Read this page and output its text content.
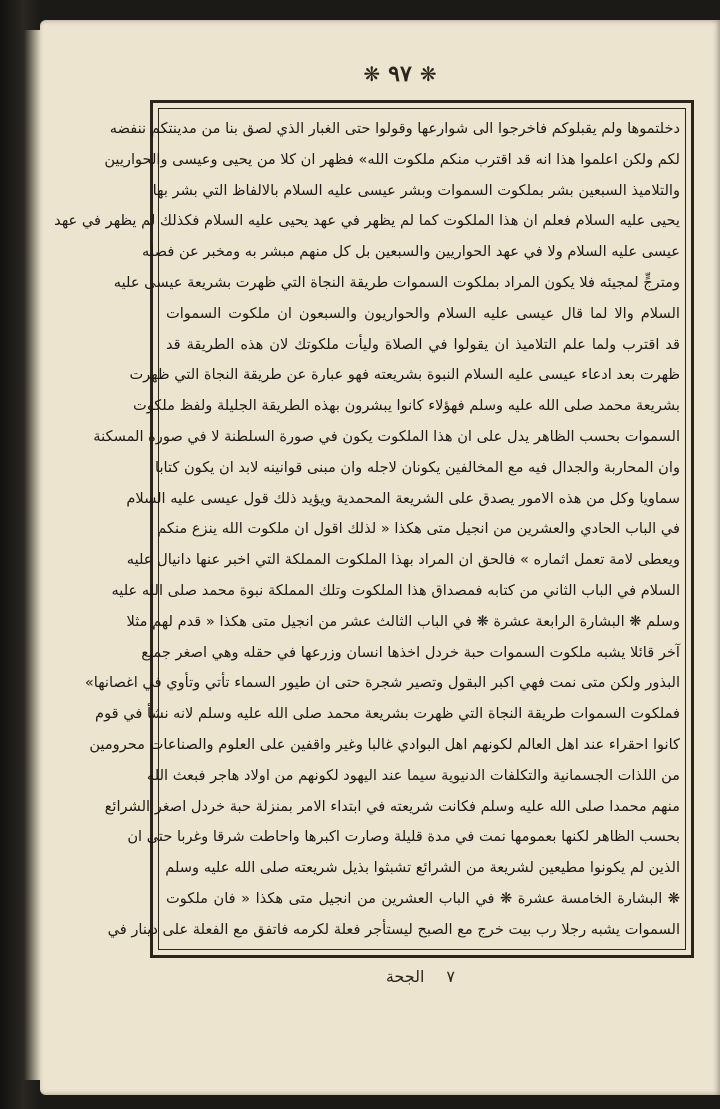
❋ ٩٧ ❋
دخلتموها ولم يقبلوكم فاخرجوا الى شوارعها وقولوا حتى الغبار الذي لصق بنا من مدينتكم ننفضه
لكم ولكن اعلموا هذا انه قد اقترب منكم ملكوت الله» فظهر ان كلا من يحيى وعيسى والحواريين
والتلاميذ السبعين بشر بملكوت السموات وبشر عيسى عليه السلام بالالفاظ التي بشر بها
يحيى عليه السلام فعلم ان هذا الملكوت كما لم يظهر في عهد يحيى عليه السلام فكذلك لم يظهر في عهد
عيسى عليه السلام ولا في عهد الحواريين والسبعين بل كل منهم مبشر به ومخبر عن فضله
ومترجٍّ لمجيئه فلا يكون المراد بملكوت السموات طريقة النجاة التي ظهرت بشريعة عيسى عليه
السلام والا لما قال عيسى عليه السلام والحواريون والسبعون ان ملكوت السموات
قد اقترب ولما علم التلاميذ ان يقولوا في الصلاة وليأت ملكوتك لان هذه الطريقة قد
ظهرت بعد ادعاء عيسى عليه السلام النبوة بشريعته فهو عبارة عن طريقة النجاة التي ظهرت
بشريعة محمد صلى الله عليه وسلم فهؤلاء كانوا يبشرون بهذه الطريقة الجليلة ولفظ ملكوت
السموات بحسب الظاهر يدل على ان هذا الملكوت يكون في صورة السلطنة لا في صورة المسكنة
وان المحاربة والجدال فيه مع المخالفين يكونان لاجله وان مبنى قوانينه لابد ان يكون كتابا
سماويا وكل من هذه الامور يصدق على الشريعة المحمدية ويؤيد ذلك قول عيسى عليه السلام
في الباب الحادي والعشرين من انجيل متى هكذا « لذلك اقول ان ملكوت الله ينزع منكم
ويعطى لامة تعمل اثماره » فالحق ان المراد بهذا الملكوت المملكة التي اخبر عنها دانيال عليه
السلام في الباب الثاني من كتابه فمصداق هذا الملكوت وتلك المملكة نبوة محمد صلى الله عليه
وسلم ❋ البشارة الرابعة عشرة ❋ في الباب الثالث عشر من انجيل متى هكذا « قدم لهم مثلا
آخر قائلا يشبه ملكوت السموات حبة خردل اخذها انسان وزرعها في حقله وهي اصغر جميع
البذور ولكن متى نمت فهي اكبر البقول وتصير شجرة حتى ان طيور السماء تأتي وتأوي في اغصانها»
فملكوت السموات طريقة النجاة التي ظهرت بشريعة محمد صلى الله عليه وسلم لانه نشأ في قوم
كانوا احقراء عند اهل العالم لكونهم اهل البوادي غالبا وغير واقفين على العلوم والصناعات محرومين
من اللذات الجسمانية والتكلفات الدنيوية سيما عند اليهود لكونهم من اولاد هاجر فبعث الله
منهم محمدا صلى الله عليه وسلم فكانت شريعته في ابتداء الامر بمنزلة حبة خردل اصغر الشرائع
بحسب الظاهر لكنها بعمومها نمت في مدة قليلة وصارت اكبرها واحاطت شرقا وغربا حتى ان
الذين لم يكونوا مطيعين لشريعة من الشرائع تشبثوا بذيل شريعته صلى الله عليه وسلم
❋ البشارة الخامسة عشرة ❋ في الباب العشرين من انجيل متى هكذا « فان ملكوت
السموات يشبه رجلا رب بيت خرج مع الصبح ليستأجر فعلة لكرمه فاتفق مع الفعلة على دينار في
٧
الجحة
